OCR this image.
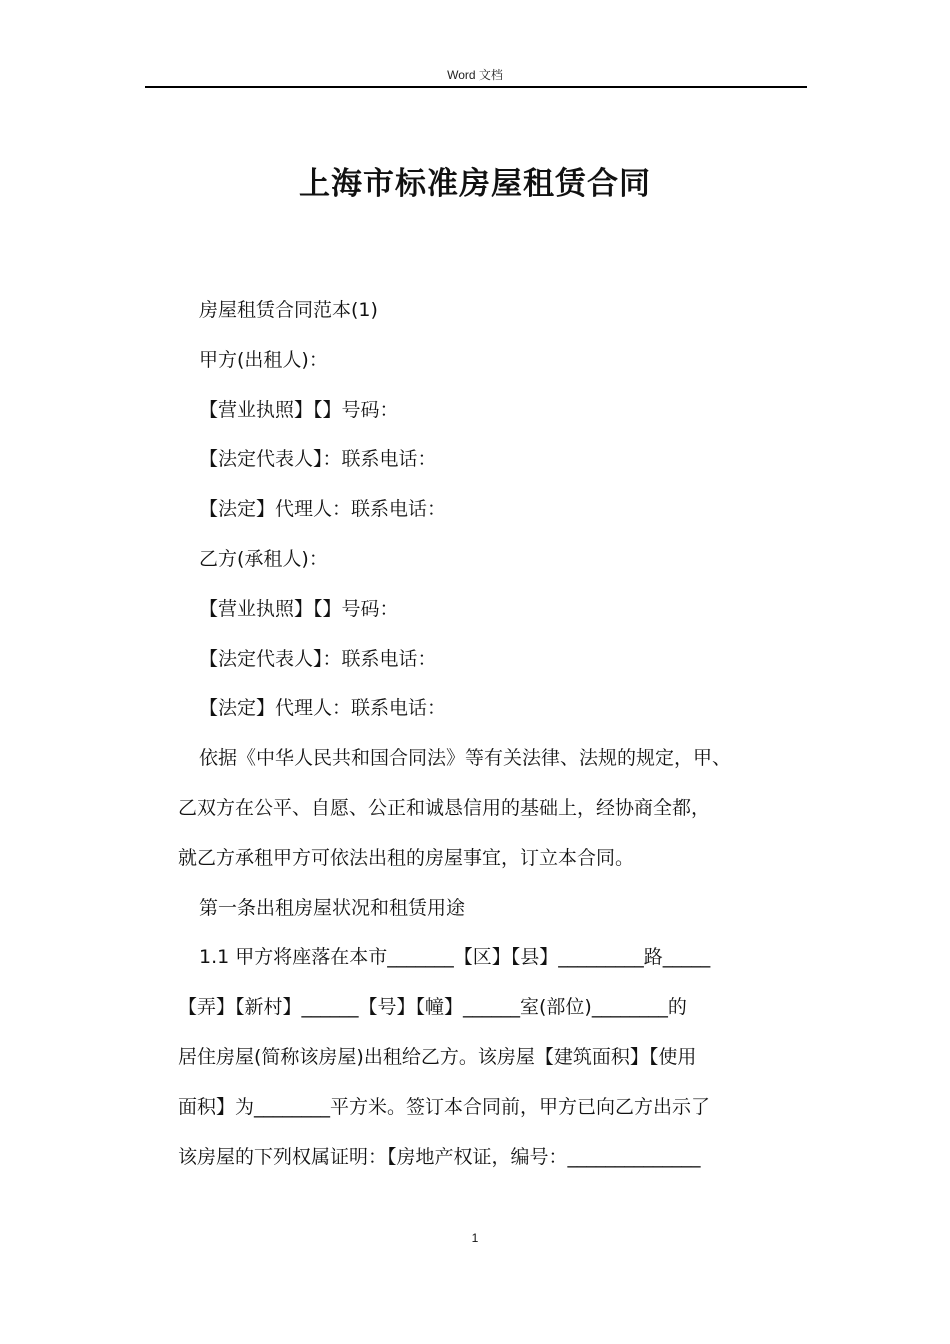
Word 文档
上海市标准房屋租赁合同
房屋租赁合同范本(1)
甲方(出租人)：
【营业执照】【】号码：
【法定代表人】：联系电话：
【法定】代理人：联系电话：
乙方(承租人)：
【营业执照】【】号码：
【法定代表人】：联系电话：
【法定】代理人：联系电话：
依据《中华人民共和国合同法》等有关法律、法规的规定，甲、
乙双方在公平、自愿、公正和诚恳信用的基础上，经协商全都，
就乙方承租甲方可依法出租的房屋事宜，订立本合同。
第一条出租房屋状况和租赁用途
1.1 甲方将座落在本市_______【区】【县】_________路_____
【弄】【新村】______【号】【幢】______室(部位)________的
居住房屋(简称该房屋)出租给乙方。该房屋【建筑面积】【使用
面积】为________平方米。签订本合同前，甲方已向乙方出示了
该房屋的下列权属证明：【房地产权证，编号：______________
1
